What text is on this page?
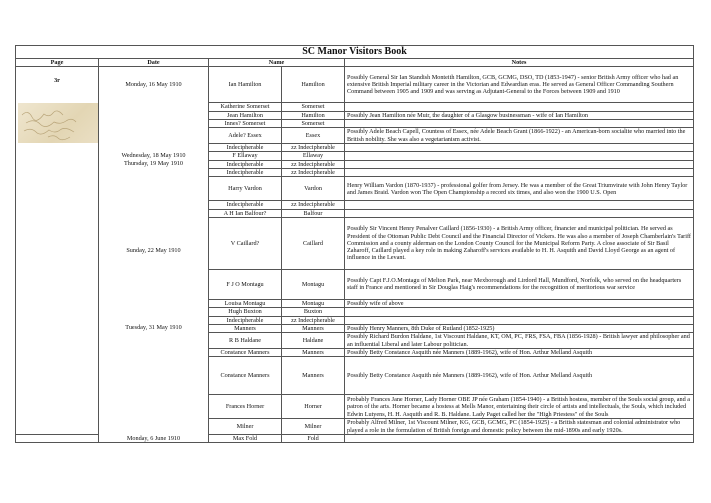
SC Manor Visitors Book				
Page	Date	Name		Notes

3r	Monday, 16 May 1910	Ian Hamilton	Hamilton	Possibly General Sir Ian Standish Monteith Hamilton, GCB, GCMG, DSO, TD (1853-1947) - senior British Army officer who had an extensive British Imperial military career in the Victorian and Edwardian eras. He served as General Officer Commanding Southern Command between 1905 and 1909 and was serving as Adjutant-General to the Forces between 1909 and 1910
		Katherine Somerset	Somerset	
		Jean Hamilton	Hamilton	Possibly Jean Hamilton née Muir, the daughter of a Glasgow businessman - wife of Ian Hamilton
		Innes? Somerset	Somerset	
		Adele? Essex	Essex	Possibly Adele Beach Capell, Countess of Essex, née Adele Beach Grant (1866-1922) - an American-born socialite who married into the British nobility. She was also a vegetarianism activist.
		Indecipherable	zz Indecipherable	
	Wednesday, 18 May 1910	F Ellaway	Ellaway	
	Thursday, 19 May 1910	Indecipherable	zz Indecipherable	
		Indecipherable	zz Indecipherable	
	Sunday, 22 May 1910	Harry Vardon	Vardon	Henry William Vardon (1870-1937) - professional golfer from Jersey. He was a member of the Great Triumvirate with John Henry Taylor and James Braid. Vardon won The Open Championship a record six times, and also won the 1900 U.S. Open
		Indecipherable	zz Indecipherable	
		A H Ian Balfour?	Balfour	
		V Caillard?	Caillard	Possibly Sir Vincent Henry Penalver Caillard (1856-1930) - a British Army officer, financier and municipal politician. He served as President of the Ottoman Public Debt Council and the Financial Director of Vickers. He was also a member of Joseph Chamberlain's Tariff Commission and a county alderman on the London County Council for the Municipal Reform Party. A close associate of Sir Basil Zaharoff, Caillard played a key role in making Zaharoff's services available to H. H. Asquith and David Lloyd George as an agent of influence in the Levant.
		F J O Montagu	Montagu	Possibly Capt F.J.O.Montagu of Melton Park, near Mexborough and Lirdord Hall, Mundford, Norfolk, who served on the headquarters staff in France and mentioned in Sir Douglas Haig's recommendations for the recognition of meritorious war service
		Louisa Montagu	Montagu	Possibly wife of above
		Hugh Buxton	Buxton	
		Indecipherable	zz Indecipherable	
	Tuesday, 31 May 1910	Manners	Manners	Possibly Henry Manners, 8th Duke of Rutland (1852-1925)
		R B Haldane	Haldane	Possibly Richard Burdon Haldane, 1st Viscount Haldane, KT, OM, PC, FRS, FSA, FBA (1856-1928) - British lawyer and philosopher and an influential Liberal and later Labour politician.
		Constance Manners	Manners	Possibly Betty Constance Asquith née Manners (1889-1962), wife of Hon. Arthur Melland Asquith
		Constance Manners	Manners	Possibly Betty Constance Asquith née Manners (1889-1962), wife of Hon. Arthur Melland Asquith
		Frances Horner	Horner	Probably Frances Jane Horner, Lady Horner OBE JP née Graham (1854-1940) - a British hostess, member of the Souls social group, and a patron of the arts. Horner became a hostess at Mells Manor, entertaining their circle of artists and intellectuals, the Souls, which included Edwin Lutyens, H. H. Asquith and R. B. Haldane. Lady Paget called her the "High Priestess" of the Souls
		Milner	Milner	Probably Alfred Milner, 1st Viscount Milner, KG, GCB, GCMG, PC (1854-1925) - a British statesman and colonial administrator who played a role in the formulation of British foreign and domestic policy between the mid-1890s and early 1920s.
	Monday, 6 June 1910	Max Fold	Fold	
